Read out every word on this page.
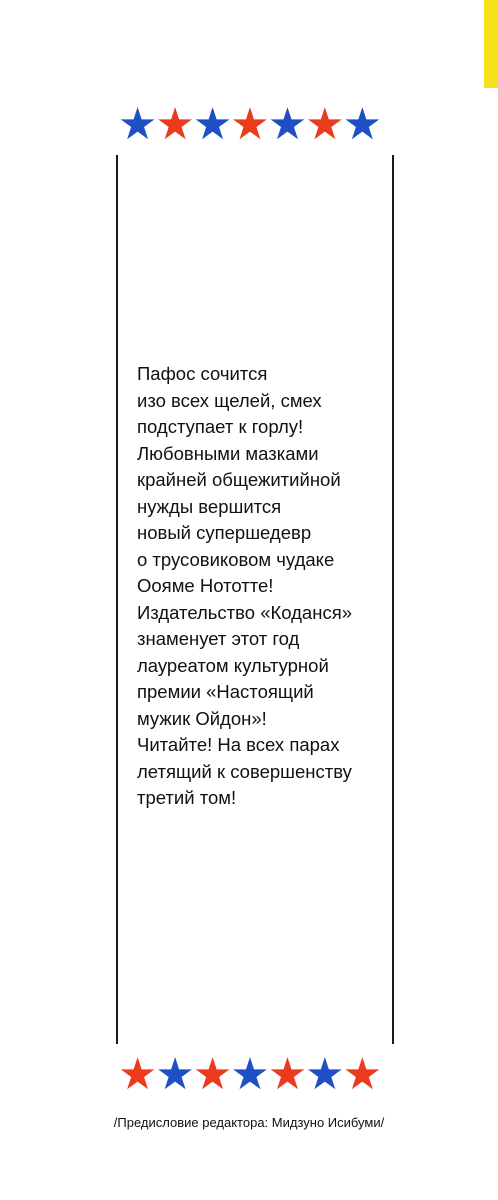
★★★★★★★

Пафос сочится
изо всех щелей, смех
подступает к горлу!
Любовными мазками
крайней общежитийной
нужды вершится
новый супершедевр
о трусовиковом чудаке
Оояме Нототте!
Издательство «Коданся»
знаменует этот год
лауреатом культурной
премии «Настоящий
мужик Ойдон»!
Читайте! На всех парах
летящий к совершенству
третий том!

★★★★★★★
/Предисловие редактора: Мидзуно Исибуми/
